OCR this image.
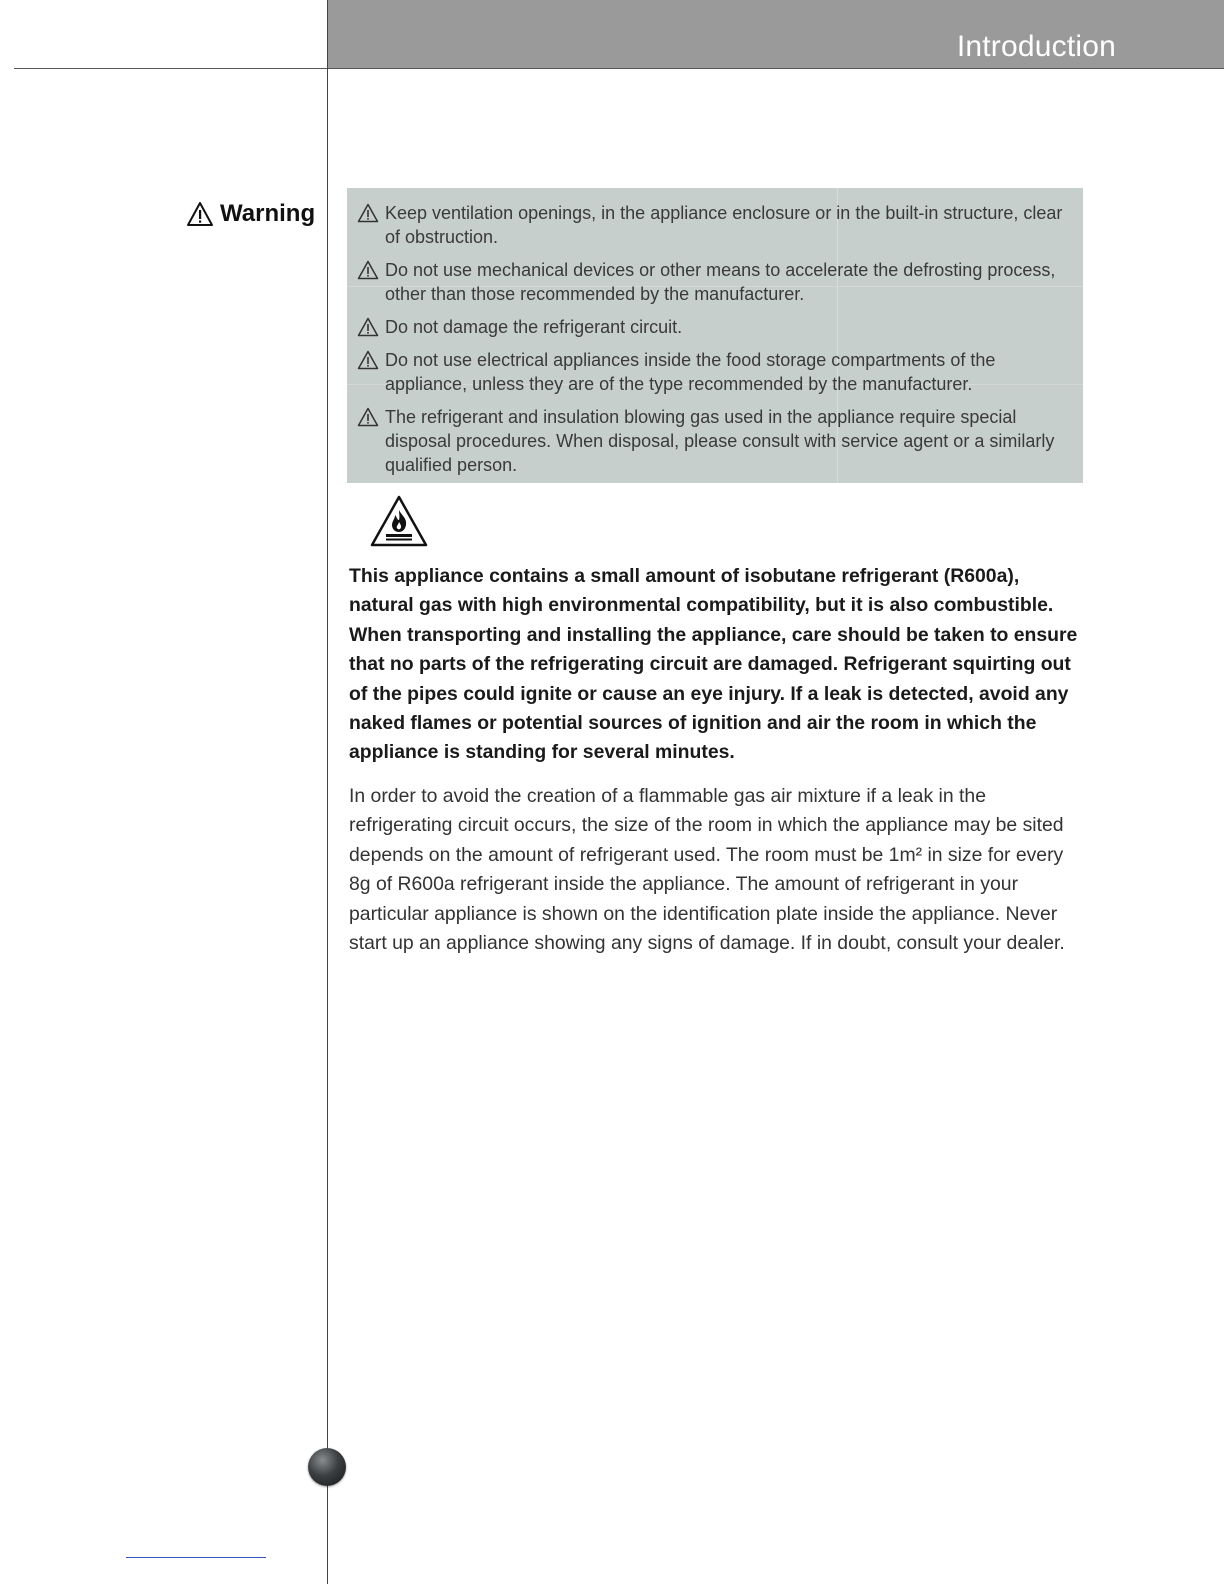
Introduction
Warning	Keep ventilation openings, in the appliance enclosure or in the built-in structure, clear of obstruction.
Do not use mechanical devices or other means to accelerate the defrosting process, other than those recommended by the manufacturer.
Do not damage the refrigerant circuit.
Do not use electrical appliances inside the food storage compartments of the appliance, unless they are of the type recommended by the manufacturer.
The refrigerant and insulation blowing gas used in the appliance require special disposal procedures. When disposal, please consult with service agent or a similarly qualified person.

This appliance contains a small amount of isobutane refrigerant (R600a), natural gas with high environmental compatibility, but it is also combustible. When transporting and installing the appliance, care should be taken to ensure that no parts of the refrigerating circuit are damaged. Refrigerant squirting out of the pipes could ignite or cause an eye injury. If a leak is detected, avoid any naked flames or potential sources of ignition and air the room in which the appliance is standing for several minutes.

In order to avoid the creation of a flammable gas air mixture if a leak in the refrigerating circuit occurs, the size of the room in which the appliance may be sited depends on the amount of refrigerant used. The room must be 1m² in size for every 8g of R600a refrigerant inside the appliance. The amount of refrigerant in your particular appliance is shown on the identification plate inside the appliance. Never start up an appliance showing any signs of damage. If in doubt, consult your dealer.
